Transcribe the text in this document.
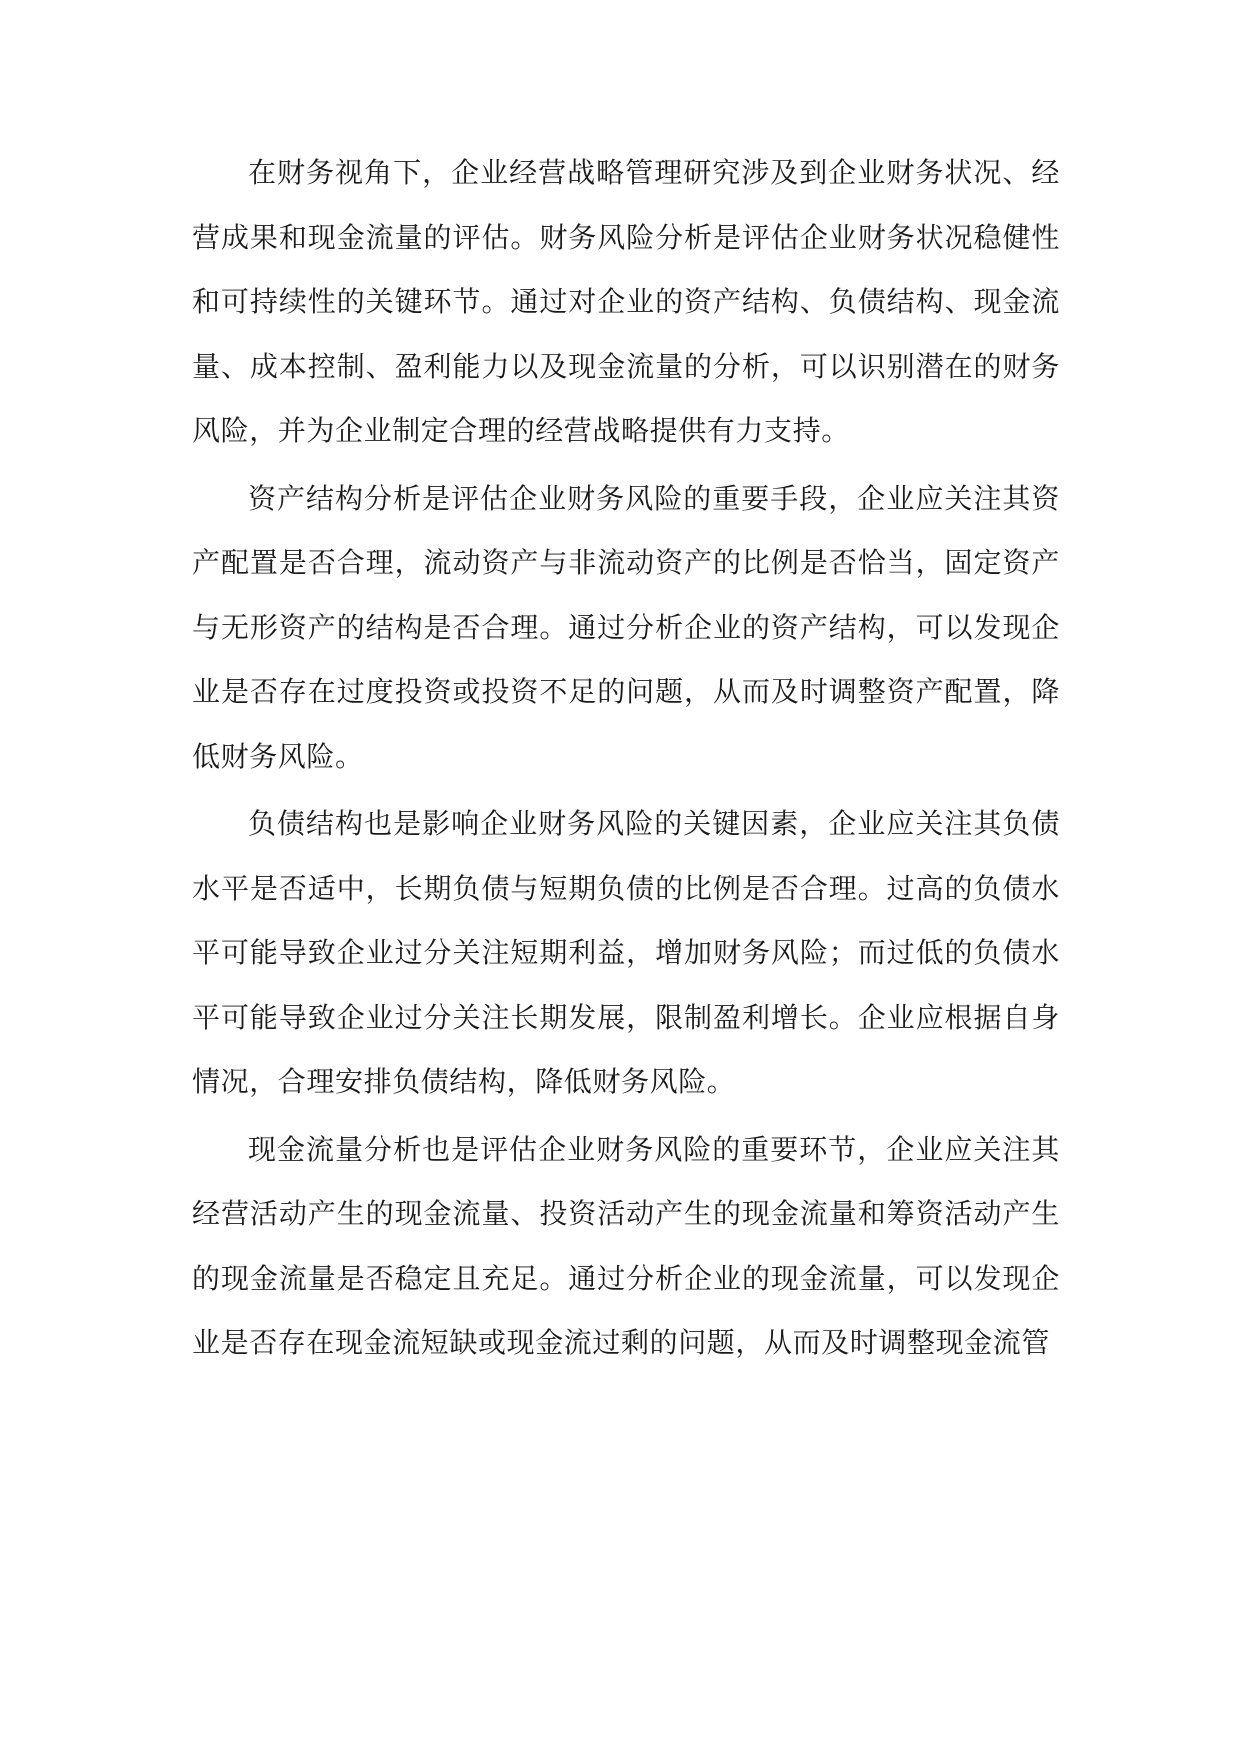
在财务视角下，企业经营战略管理研究涉及到企业财务状况、经营成果和现金流量的评估。财务风险分析是评估企业财务状况稳健性和可持续性的关键环节。通过对企业的资产结构、负债结构、现金流量、成本控制、盈利能力以及现金流量的分析，可以识别潜在的财务风险，并为企业制定合理的经营战略提供有力支持。

资产结构分析是评估企业财务风险的重要手段，企业应关注其资产配置是否合理，流动资产与非流动资产的比例是否恰当，固定资产与无形资产的结构是否合理。通过分析企业的资产结构，可以发现企业是否存在过度投资或投资不足的问题，从而及时调整资产配置，降低财务风险。

负债结构也是影响企业财务风险的关键因素，企业应关注其负债水平是否适中，长期负债与短期负债的比例是否合理。过高的负债水平可能导致企业过分关注短期利益，增加财务风险；而过低的负债水平可能导致企业过分关注长期发展，限制盈利增长。企业应根据自身情况，合理安排负债结构，降低财务风险。

现金流量分析也是评估企业财务风险的重要环节，企业应关注其经营活动产生的现金流量、投资活动产生的现金流量和筹资活动产生的现金流量是否稳定且充足。通过分析企业的现金流量，可以发现企业是否存在现金流短缺或现金流过剩的问题，从而及时调整现金流管
